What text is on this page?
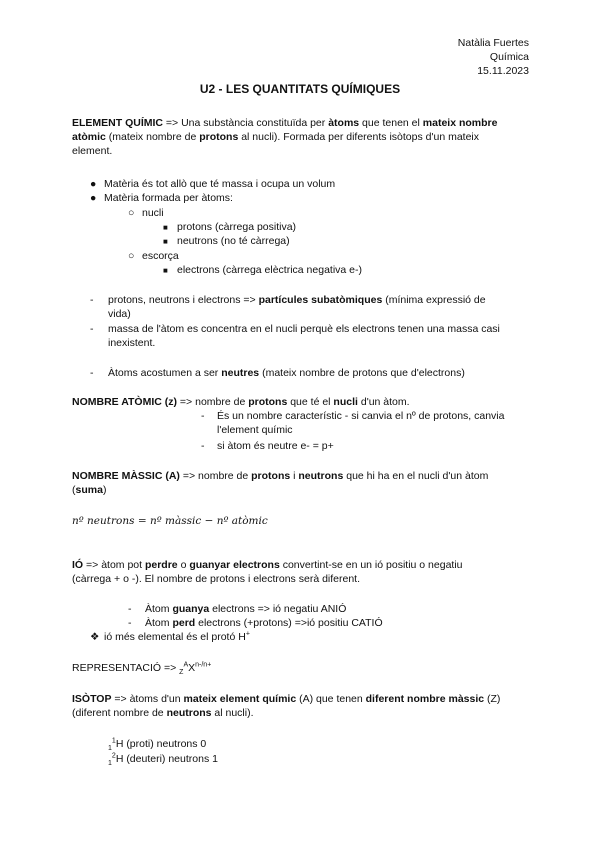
Natàlia Fuertes
Química
15.11.2023
U2 - LES QUANTITATS QUÍMIQUES
ELEMENT QUÍMIC => Una substància constituïda per àtoms que tenen el mateix nombre
atòmic (mateix nombre de protons al nucli). Formada per diferents isòtops d'un mateix
element.
● Matèria és tot allò que té massa i ocupa un volum
● Matèria formada per àtoms:
○ nucli
■ protons (càrrega positiva)
■ neutrons (no té càrrega)
○ escorça
■ electrons (càrrega elèctrica negativa e-)
- protons, neutrons i electrons => partícules subatòmiques (mínima expressió de
vida)
- massa de l'àtom es concentra en el nucli perquè els electrons tenen una massa casi
inexistent.
- Àtoms acostumen a ser neutres (mateix nombre de protons que d'electrons)
NOMBRE ATÒMIC (z) => nombre de protons que té el nucli d'un àtom.
- És un nombre característic - si canvia el nº de protons, canvia
l'element químic
- si àtom és neutre e- = p+
NOMBRE MÀSSIC (A) => nombre de protons i neutrons que hi ha en el nucli d'un àtom
(suma)
nº neutrons = nº màssic − nº atòmic
IÓ => àtom pot perdre o guanyar electrons convertint-se en un ió positiu o negatiu
(càrrega + o -). El nombre de protons i electrons serà diferent.
- Àtom guanya electrons => ió negatiu ANIÓ
- Àtom perd electrons (+protons) =>ió positiu CATIÓ
❖ ió més elemental és el protó H+
REPRESENTACIÓ => $_Z^AX^{n-/n+}$
ISÒTOP => àtoms d'un mateix element químic (A) que tenen diferent nombre màssic (Z)
(diferent nombre de neutrons al nucli).
$_1^1$H (proti) neutrons 0
$_1^2$H (deuteri) neutrons 1
